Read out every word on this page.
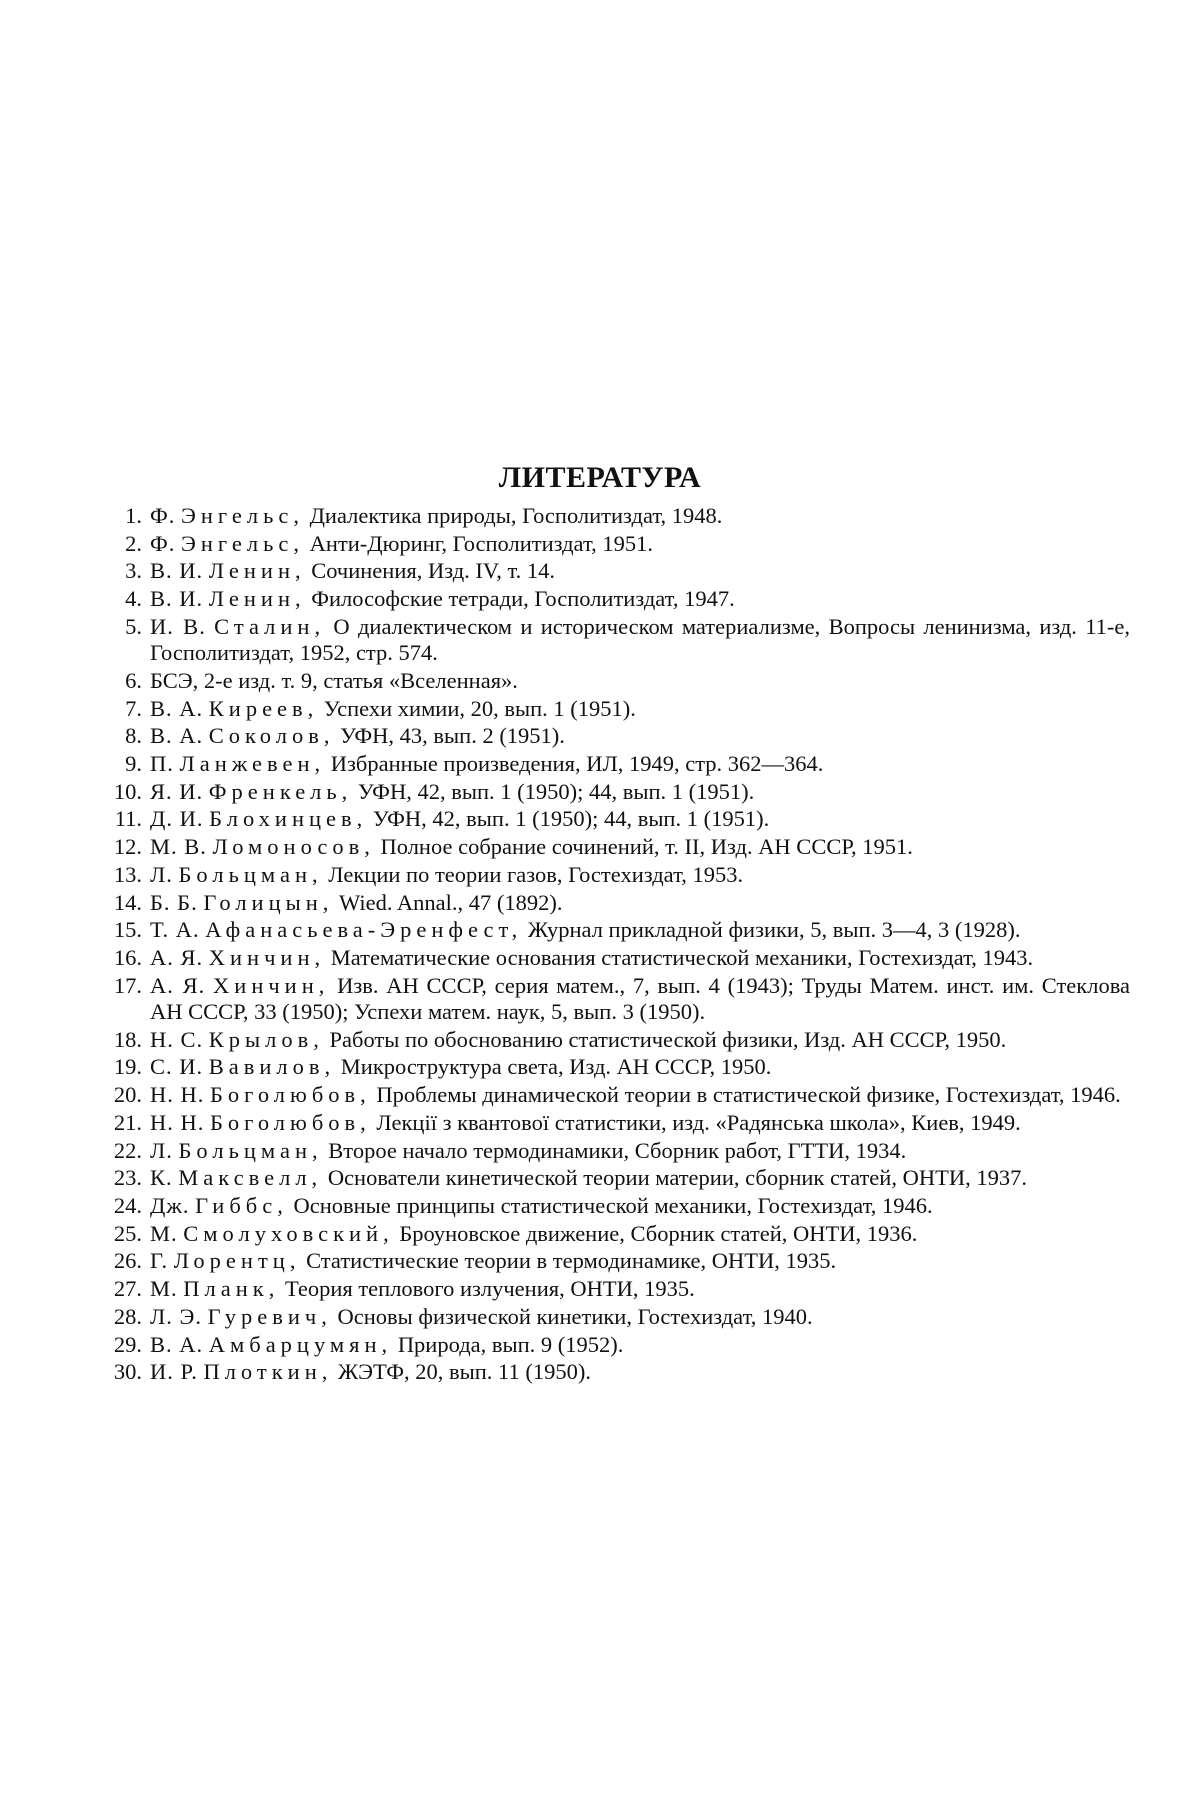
ЛИТЕРАТУРА
1. Ф. Энгельс, Диалектика природы, Госполитиздат, 1948.
2. Ф. Энгельс, Анти-Дюринг, Госполитиздат, 1951.
3. В. И. Ленин, Сочинения, Изд. IV, т. 14.
4. В. И. Ленин, Философские тетради, Госполитиздат, 1947.
5. И. В. Сталин, О диалектическом и историческом материализме, Вопросы ленинизма, изд. 11-е, Госполитиздат, 1952, стр. 574.
6. БСЭ, 2-е изд. т. 9, статья «Вселенная».
7. В. А. Киреев, Успехи химии, 20, вып. 1 (1951).
8. В. А. Соколов, УФН, 43, вып. 2 (1951).
9. П. Ланжевен, Избранные произведения, ИЛ, 1949, стр. 362—364.
10. Я. И. Френкель, УФН, 42, вып. 1 (1950); 44, вып. 1 (1951).
11. Д. И. Блохинцев, УФН, 42, вып. 1 (1950); 44, вып. 1 (1951).
12. М. В. Ломоносов, Полное собрание сочинений, т. II, Изд. АН СССР, 1951.
13. Л. Больцман, Лекции по теории газов, Гостехиздат, 1953.
14. Б. Б. Голицын, Wied. Annal., 47 (1892).
15. Т. А. Афанасьева-Эренфест, Журнал прикладной физики, 5, вып. 3—4, 3 (1928).
16. А. Я. Хинчин, Математические основания статистической механики, Гостехиздат, 1943.
17. А. Я. Хинчин, Изв. АН СССР, серия матем., 7, вып. 4 (1943); Труды Матем. инст. им. Стеклова АН СССР, 33 (1950); Успехи матем. наук, 5, вып. 3 (1950).
18. Н. С. Крылов, Работы по обоснованию статистической физики, Изд. АН СССР, 1950.
19. С. И. Вавилов, Микроструктура света, Изд. АН СССР, 1950.
20. Н. Н. Боголюбов, Проблемы динамической теории в статистической физике, Гостехиздат, 1946.
21. Н. Н. Боголюбов, Лекції з квантової статистики, изд. «Радянська школа», Киев, 1949.
22. Л. Больцман, Второе начало термодинамики, Сборник работ, ГТТИ, 1934.
23. К. Максвелл, Основатели кинетической теории материи, сборник статей, ОНТИ, 1937.
24. Дж. Гиббс, Основные принципы статистической механики, Гостехиздат, 1946.
25. М. Смолуховский, Броуновское движение, Сборник статей, ОНТИ, 1936.
26. Г. Лорентц, Статистические теории в термодинамике, ОНТИ, 1935.
27. М. Планк, Теория теплового излучения, ОНТИ, 1935.
28. Л. Э. Гуревич, Основы физической кинетики, Гостехиздат, 1940.
29. В. А. Амбарцумян, Природа, вып. 9 (1952).
30. И. Р. Плоткин, ЖЭТФ, 20, вып. 11 (1950).
